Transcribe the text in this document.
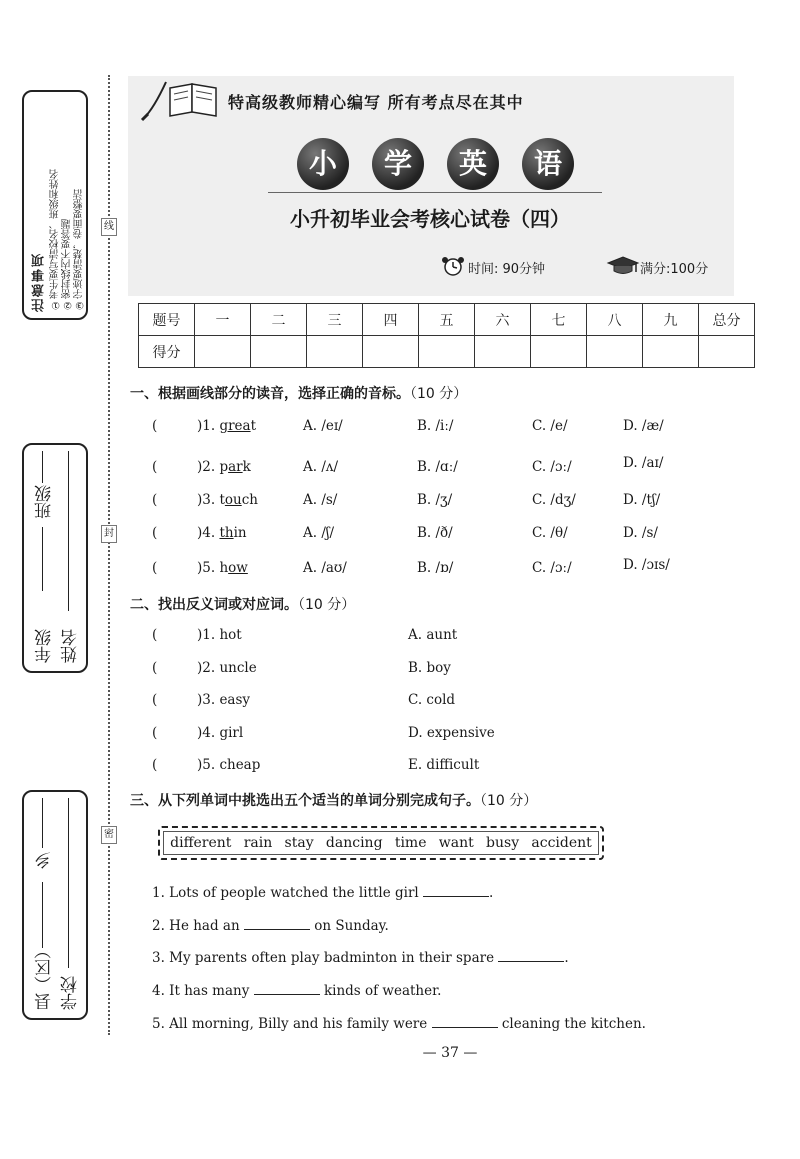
注意事项 ①考生要写清校名、班级和姓名 ②密封线内不要答题 ③字迹要清楚，卷面要整洁
年级
班级
姓名
县（区）
乡
学校
线
封
密
特高级教师精心编写 所有考点尽在其中
小	学	英	语
小升初毕业会考核心试卷（四）
时间: 90分钟	满分:100分
题号	一	二	三	四	五	六	七	八	九	总分
得分										
一、根据画线部分的读音，选择正确的音标。（10 分）
(	)1. great	A. /eɪ/	B. /iː/	C. /e/	D. /æ/
(	)2. park	A. /ʌ/	B. /ɑː/	C. /ɔː/	D. /aɪ/
(	)3. touch	A. /s/	B. /ʒ/	C. /dʒ/	D. /tʃ/
(	)4. thin	A. /ʃ/	B. /ð/	C. /θ/	D. /s/
(	)5. how	A. /aʊ/	B. /ɒ/	C. /ɔː/	D. /ɔɪs/
二、找出反义词或对应词。（10 分）
(	)1. hot	A. aunt
(	)2. uncle	B. boy
(	)3. easy	C. cold
(	)4. girl	D. expensive
(	)5. cheap	E. difficult
三、从下列单词中挑选出五个适当的单词分别完成句子。（10 分）
different rain stay dancing time want busy accident
1. Lots of people watched the little girl	.
2. He had an	on Sunday.
3. My parents often play badminton in their spare	.
4. It has many	kinds of weather.
5. All morning, Billy and his family were	cleaning the kitchen.
— 37 —
